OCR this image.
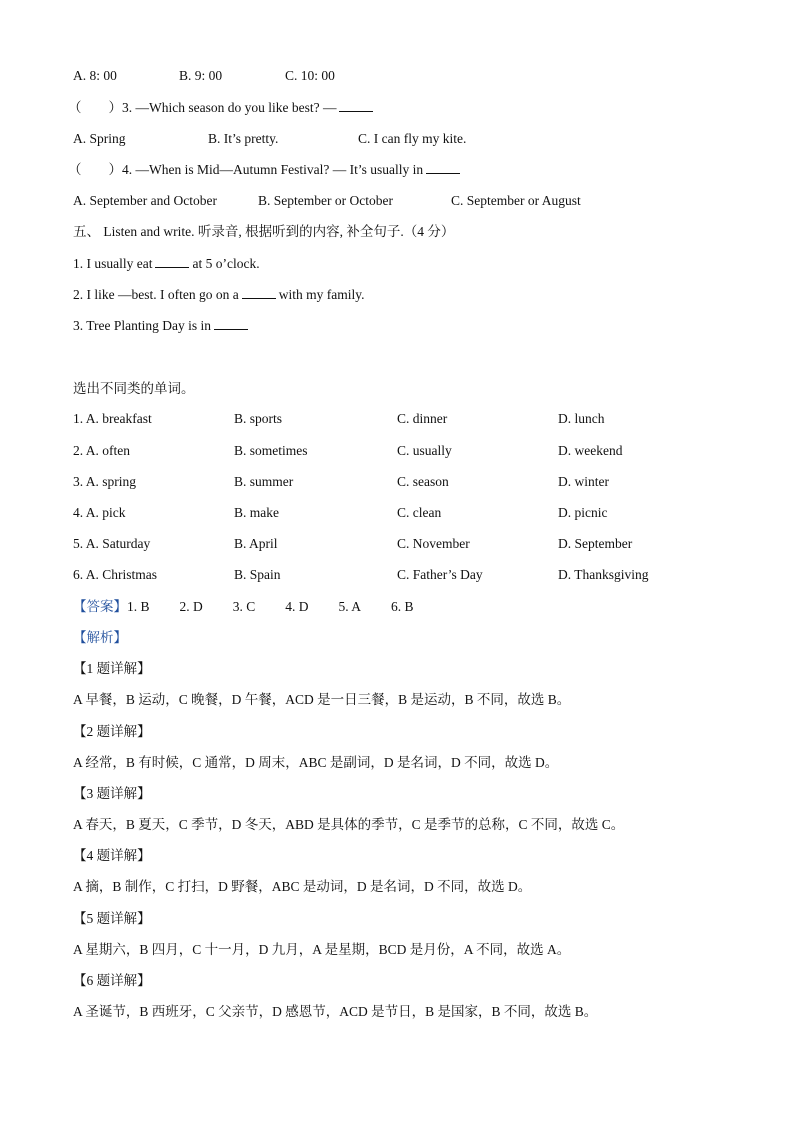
A. 8: 00	B. 9: 00	C. 10: 00
（　　）3. —Which season do you like best? —
A. Spring	B. It’s pretty.	C. I can fly my kite.
（　　）4. —When is Mid—Autumn Festival? — It’s usually in
A. September and October	B. September or October	C. September or August
五、 Listen and write. 听录音, 根据听到的内容, 补全句子.（4 分）
1. I usually eat	at 5 o’clock.
2. I like —best. I often go on a	with my family.
3. Tree Planting Day is in
选出不同类的单词。
1. A. breakfast	B. sports	C. dinner	D. lunch
2. A. often	B. sometimes	C. usually	D. weekend
3. A. spring	B. summer	C. season	D. winter
4. A. pick	B. make	C. clean	D. picnic
5. A. Saturday	B. April	C. November	D. September
6. A. Christmas	B. Spain	C. Father’s Day	D. Thanksgiving
【答案】1. B 2. D 3. C 4. D 5. A 6. B
【解析】
【1 题详解】
A 早餐，B 运动，C 晚餐，D 午餐，ACD 是一日三餐，B 是运动，B 不同，故选 B。
【2 题详解】
A 经常，B 有时候，C 通常，D 周末，ABC 是副词，D 是名词，D 不同，故选 D。
【3 题详解】
A 春天，B 夏天，C 季节，D 冬天，ABD 是具体的季节，C 是季节的总称，C 不同，故选 C。
【4 题详解】
A 摘，B 制作，C 打扫，D 野餐，ABC 是动词，D 是名词，D 不同，故选 D。
【5 题详解】
A 星期六，B 四月，C 十一月，D 九月，A 是星期，BCD 是月份，A 不同，故选 A。
【6 题详解】
A 圣诞节，B 西班牙，C 父亲节，D 感恩节，ACD 是节日，B 是国家，B 不同，故选 B。
